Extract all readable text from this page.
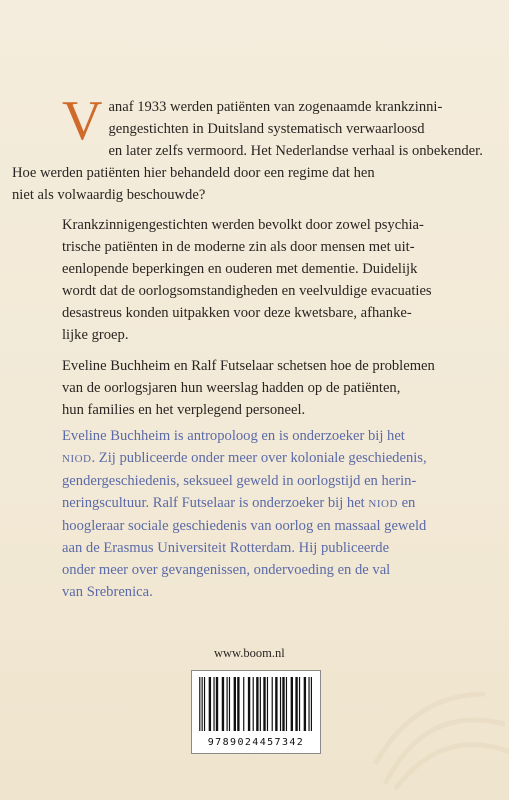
V anaf 1933 werden patiënten van zogenaamde krankzinni-
gengestichten in Duitsland systematisch verwaarloosd
en later zelfs vermoord. Het Nederlandse verhaal is onbekender.
Hoe werden patiënten hier behandeld door een regime dat hen
niet als volwaardig beschouwde?
Krankzinnigengestichten werden bevolkt door zowel psychia-
trische patiënten in de moderne zin als door mensen met uit-
eenlopende beperkingen en ouderen met dementie. Duidelijk
wordt dat de oorlogsomstandigheden en veelvuldige evacuaties
desastreus konden uitpakken voor deze kwetsbare, afhanke-
lijke groep.
Eveline Buchheim en Ralf Futselaar schetsen hoe de problemen
van de oorlogsjaren hun weerslag hadden op de patiënten,
hun families en het verplegend personeel.
Eveline Buchheim is antropoloog en is onderzoeker bij het
NIOD. Zij publiceerde onder meer over koloniale geschiedenis,
gendergeschiedenis, seksueel geweld in oorlogstijd en herin-
neringscultuur. Ralf Futselaar is onderzoeker bij het NIOD en
hoogleraar sociale geschiedenis van oorlog en massaal geweld
aan de Erasmus Universiteit Rotterdam. Hij publiceerde
onder meer over gevangenissen, ondervoeding en de val
van Srebrenica.
www.boom.nl
9789024457342
